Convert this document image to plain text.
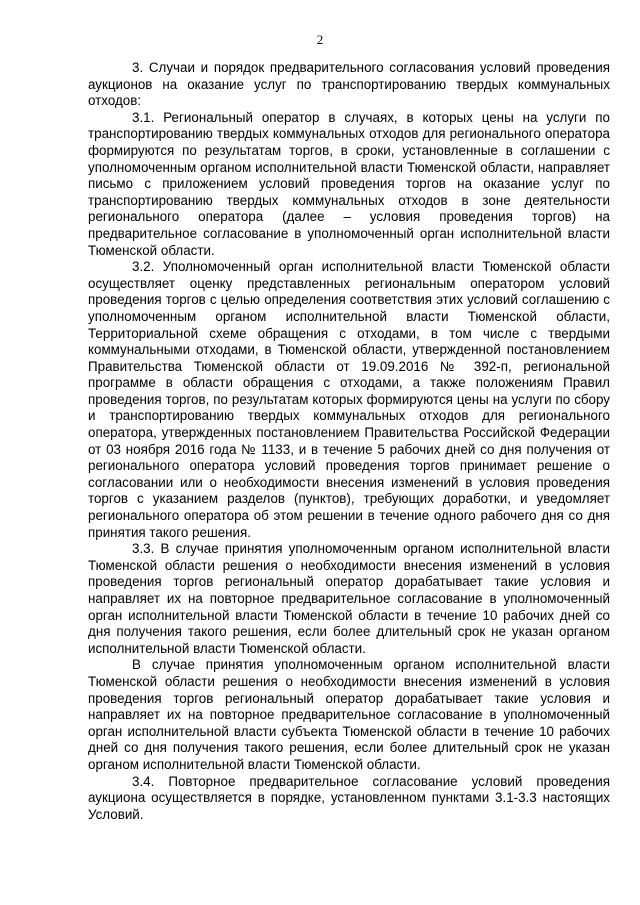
2

3. Случаи и порядок предварительного согласования условий проведения аукционов на оказание услуг по транспортированию твердых коммунальных отходов:

3.1. Региональный оператор в случаях, в которых цены на услуги по транспортированию твердых коммунальных отходов для регионального оператора формируются по результатам торгов, в сроки, установленные в соглашении с уполномоченным органом исполнительной власти Тюменской области, направляет письмо с приложением условий проведения торгов на оказание услуг по транспортированию твердых коммунальных отходов в зоне деятельности регионального оператора (далее – условия проведения торгов) на предварительное согласование в уполномоченный орган исполнительной власти Тюменской области.

3.2. Уполномоченный орган исполнительной власти Тюменской области осуществляет оценку представленных региональным оператором условий проведения торгов с целью определения соответствия этих условий соглашению с уполномоченным органом исполнительной власти Тюменской области, Территориальной схеме обращения с отходами, в том числе с твердыми коммунальными отходами, в Тюменской области, утвержденной постановлением Правительства Тюменской области от 19.09.2016 № 392-п, региональной программе в области обращения с отходами, а также положениям Правил проведения торгов, по результатам которых формируются цены на услуги по сбору и транспортированию твердых коммунальных отходов для регионального оператора, утвержденных постановлением Правительства Российской Федерации от 03 ноября 2016 года № 1133, и в течение 5 рабочих дней со дня получения от регионального оператора условий проведения торгов принимает решение о согласовании или о необходимости внесения изменений в условия проведения торгов с указанием разделов (пунктов), требующих доработки, и уведомляет регионального оператора об этом решении в течение одного рабочего дня со дня принятия такого решения.

3.3. В случае принятия уполномоченным органом исполнительной власти Тюменской области решения о необходимости внесения изменений в условия проведения торгов региональный оператор дорабатывает такие условия и направляет их на повторное предварительное согласование в уполномоченный орган исполнительной власти Тюменской области в течение 10 рабочих дней со дня получения такого решения, если более длительный срок не указан органом исполнительной власти Тюменской области.

В случае принятия уполномоченным органом исполнительной власти Тюменской области решения о необходимости внесения изменений в условия проведения торгов региональный оператор дорабатывает такие условия и направляет их на повторное предварительное согласование в уполномоченный орган исполнительной власти субъекта Тюменской области в течение 10 рабочих дней со дня получения такого решения, если более длительный срок не указан органом исполнительной власти Тюменской области.

3.4. Повторное предварительное согласование условий проведения аукциона осуществляется в порядке, установленном пунктами 3.1-3.3 настоящих Условий.
